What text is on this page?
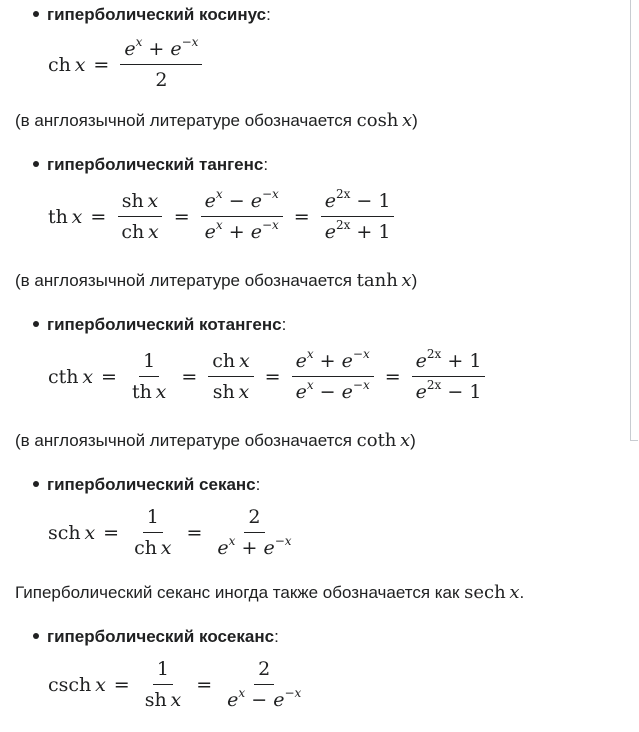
гиперболический косинус:
ch  $x = \frac{e^x + e^{-x}}{2}$
(в англоязычной литературе обозначается cosh  x)
гиперболический тангенс:
th  $x = \frac{\text{sh  x}}{\text{ch  x}} = \frac{e^x - e^{-x}}{e^x + e^{-x}} = \frac{e^{2x} - 1}{e^{2x} + 1}$
(в англоязычной литературе обозначается tanh  x)
гиперболический котангенс:
cth  $x = \frac{1}{\text{th  x}} = \frac{\text{ch  x}}{\text{sh  x}} = \frac{e^x + e^{-x}}{e^x - e^{-x}} = \frac{e^{2x} + 1}{e^{2x} - 1}$
(в англоязычной литературе обозначается coth  x)
гиперболический секанс:
sch  $x = \frac{1}{\text{ch  x}} = \frac{2}{e^x + e^{-x}}$
Гиперболический секанс иногда также обозначается как sech  x.
гиперболический косеканс:
csch  $x = \frac{1}{\text{sh  x}} = \frac{2}{e^x - e^{-x}}$
